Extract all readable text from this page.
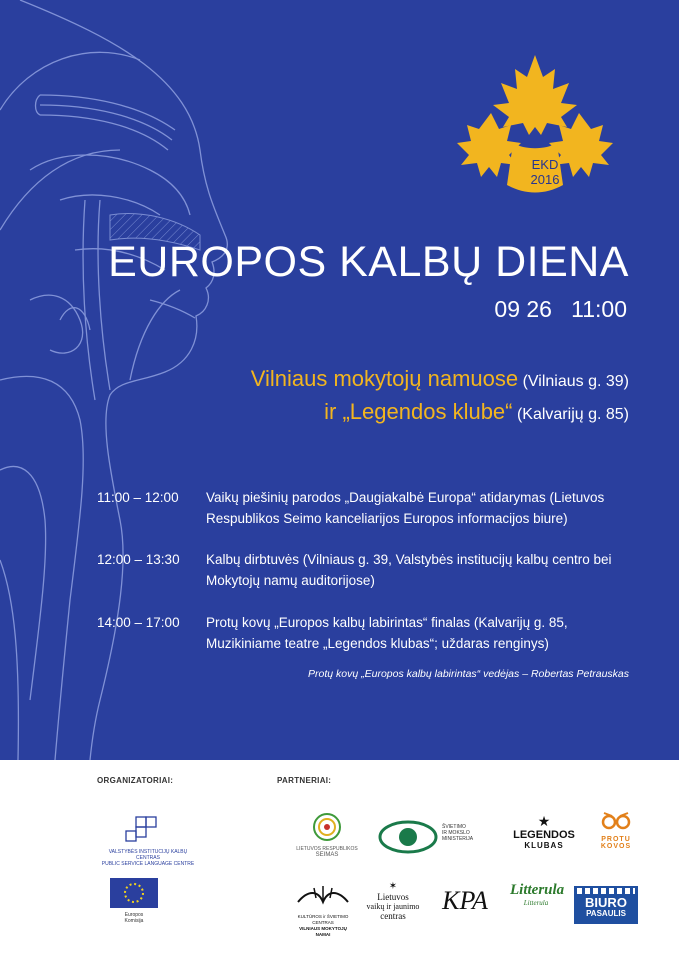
EKD
2016
EUROPOS KALBŲ DIENA
09 26 11:00
Vilniaus mokytojų namuose (Vilniaus g. 39)
ir „Legendos klube“ (Kalvarijų g. 85)
11:00 – 12:00	Vaikų piešinių parodos „Daugiakalbė Europa“ atidarymas (Lietuvos Respublikos Seimo kanceliarijos Europos informacijos biure)
12:00 – 13:30	Kalbų dirbtuvės (Vilniaus g. 39, Valstybės institucijų kalbų centro bei Mokytojų namų auditorijose)
14:00 – 17:00	Protų kovų „Europos kalbų labirintas“ finalas (Kalvarijų g. 85, Muzikiniame teatre „Legendos klubas“; uždaras renginys)
Protų kovų „Europos kalbų labirintas“ vedėjas – Robertas Petrauskas
ORGANIZATORIAI:	PARTNERIAI:
VALSTYBĖS INSTITUCIJŲ KALBŲ CENTRAS
PUBLIC SERVICE LANGUAGE CENTRE
Europos
Komisija
LIETUVOS RESPUBLIKOS
SEIMAS
ŠVIETIMO
IR MOKSLO
MINISTERIJA
★
LEGENDOS
KLUBAS
PROTU
KOVOS
KULTŪROS ir ŠVIETIMO CENTRAS
VILNIAUS MOKYTOJŲ NAMAI
✶
Lietuvos
vaikų ir jaunimo
centras
KPA	Litterula
Litterula	BIURO
PASAULIS
